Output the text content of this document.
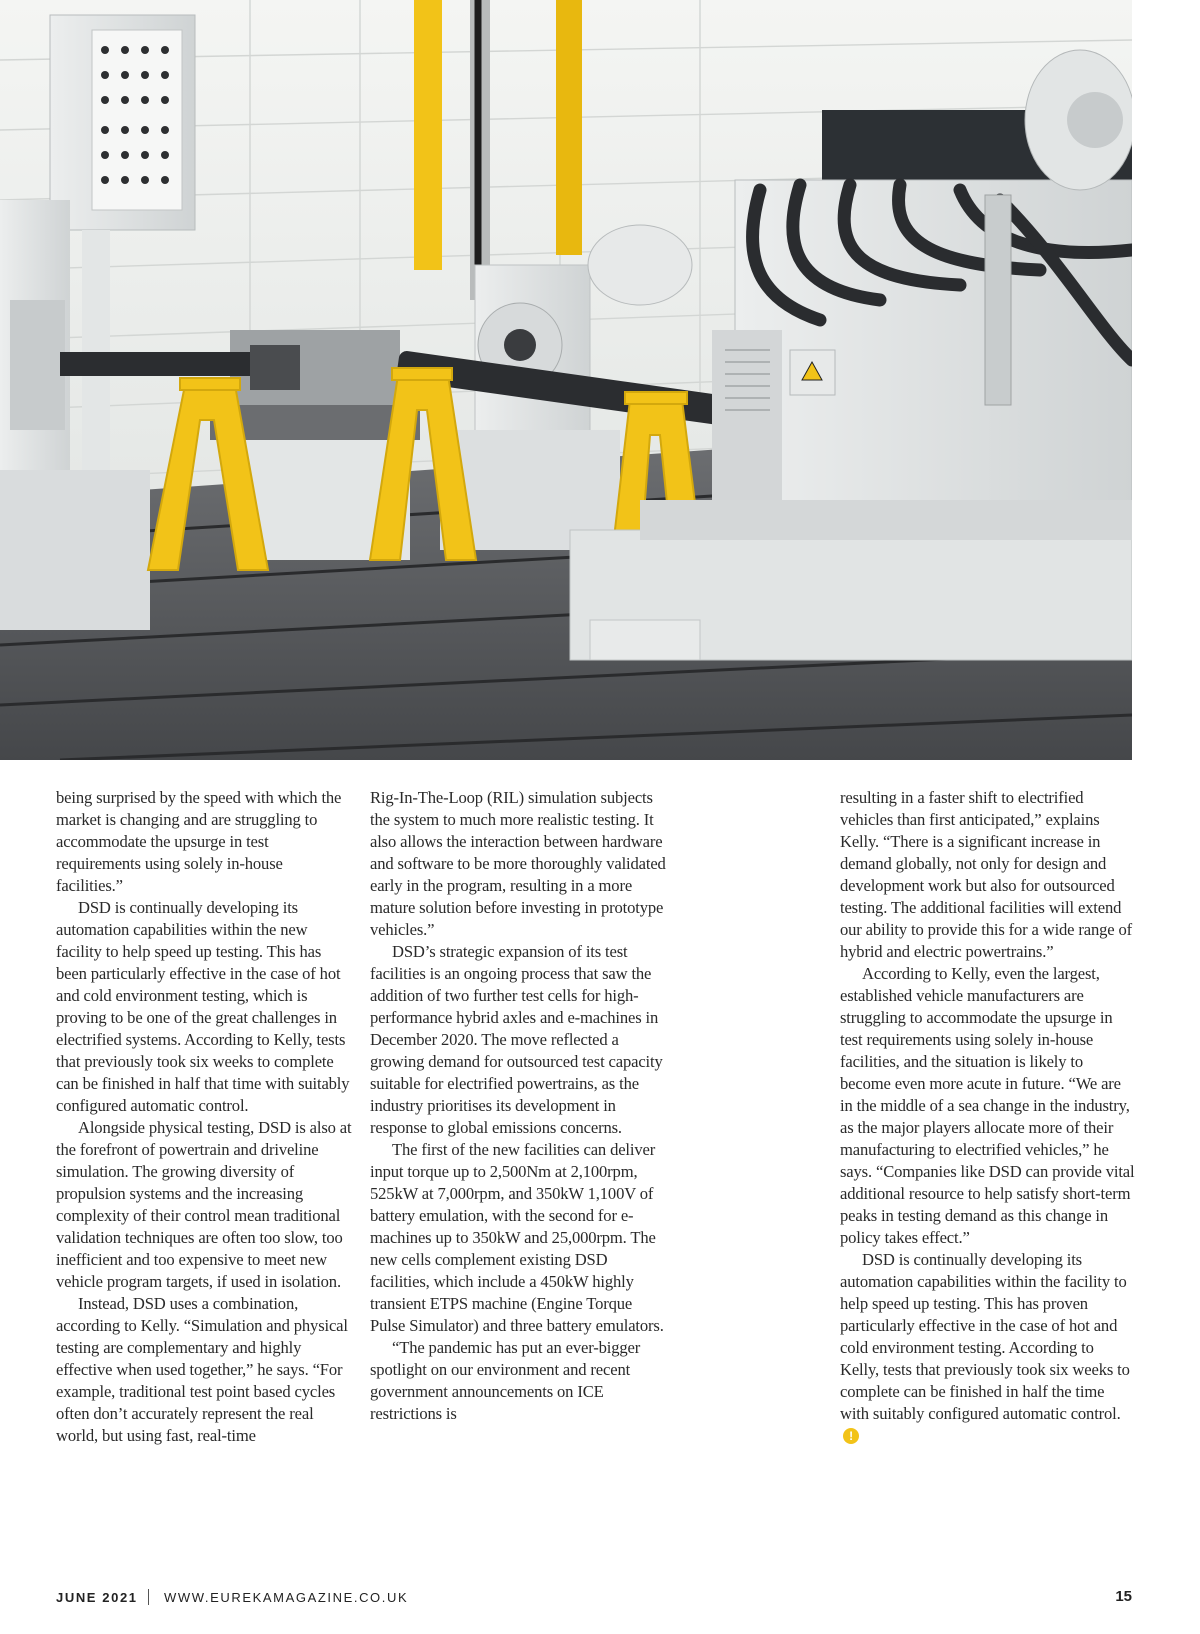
being surprised by the speed with which the market is changing and are struggling to accommodate the upsurge in test requirements using solely in-house facilities.”

DSD is continually developing its automation capabilities within the new facility to help speed up testing. This has been particularly effective in the case of hot and cold environment testing, which is proving to be one of the great challenges in electrified systems. According to Kelly, tests that previously took six weeks to complete can be finished in half that time with suitably configured automatic control.

Alongside physical testing, DSD is also at the forefront of powertrain and driveline simulation. The growing diversity of propulsion systems and the increasing complexity of their control mean traditional validation techniques are often too slow, too inefficient and too expensive to meet new vehicle program targets, if used in isolation.

Instead, DSD uses a combination, according to Kelly. “Simulation and physical testing are complementary and highly effective when used together,” he says. “For example, traditional test point based cycles often don’t accurately represent the real world, but using fast, real-time

Rig-In-The-Loop (RIL) simulation subjects the system to much more realistic testing. It also allows the interaction between hardware and software to be more thoroughly validated early in the program, resulting in a more mature solution before investing in prototype vehicles.”

DSD’s strategic expansion of its test facilities is an ongoing process that saw the addition of two further test cells for high-performance hybrid axles and e-machines in December 2020. The move reflected a growing demand for outsourced test capacity suitable for electrified powertrains, as the industry prioritises its development in response to global emissions concerns.

The first of the new facilities can deliver input torque up to 2,500Nm at 2,100rpm, 525kW at 7,000rpm, and 350kW 1,100V of battery emulation, with the second for e-machines up to 350kW and 25,000rpm. The new cells complement existing DSD facilities, which include a 450kW highly transient ETPS machine (Engine Torque Pulse Simulator) and three battery emulators.

“The pandemic has put an ever-bigger spotlight on our environment and recent government announcements on ICE restrictions is

resulting in a faster shift to electrified vehicles than first anticipated,” explains Kelly. “There is a significant increase in demand globally, not only for design and development work but also for outsourced testing. The additional facilities will extend our ability to provide this for a wide range of hybrid and electric powertrains.”

According to Kelly, even the largest, established vehicle manufacturers are struggling to accommodate the upsurge in test requirements using solely in-house facilities, and the situation is likely to become even more acute in future. “We are in the middle of a sea change in the industry, as the major players allocate more of their manufacturing to electrified vehicles,” he says. “Companies like DSD can provide vital additional resource to help satisfy short-term peaks in testing demand as this change in policy takes effect.”

DSD is continually developing its automation capabilities within the facility to help speed up testing. This has proven particularly effective in the case of hot and cold environment testing. According to Kelly, tests that previously took six weeks to complete can be finished in half the time with suitably configured automatic control.!

JUNE 2021 WWW.EUREKAMAGAZINE.CO.UK	15
